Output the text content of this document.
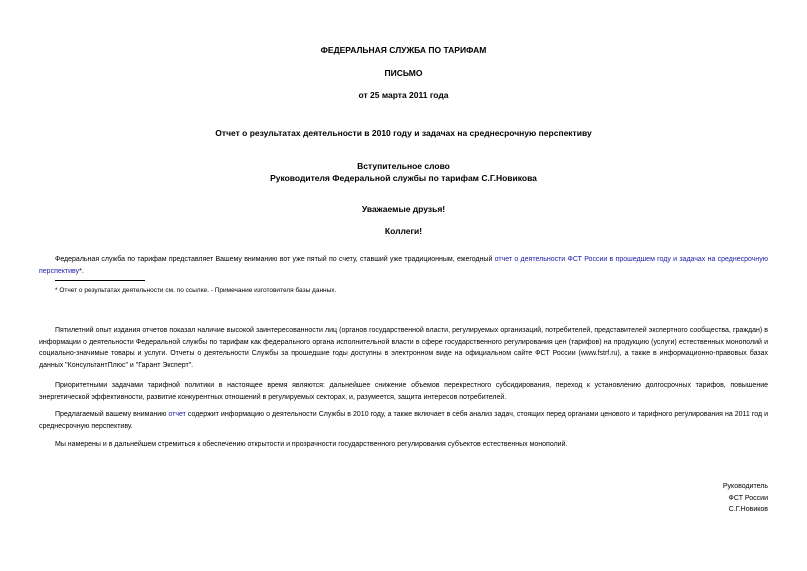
ФЕДЕРАЛЬНАЯ СЛУЖБА ПО ТАРИФАМ
ПИСЬМО
от 25 марта 2011 года
Отчет о результатах деятельности в 2010 году и задачах на среднесрочную перспективу
Вступительное слово
Руководителя Федеральной службы по тарифам С.Г.Новикова
Уважаемые друзья!
Коллеги!
Федеральная служба по тарифам представляет Вашему вниманию вот уже пятый по счету, ставший уже традиционным, ежегодный отчет о деятельности ФСТ России в прошедшем году и задачах на среднесрочную перспективу*.
* Отчет о результатах деятельности см. по ссылке. - Примечание изготовителя базы данных.
Пятилетний опыт издания отчетов показал наличие высокой заинтересованности лиц (органов государственной власти, регулируемых организаций, потребителей, представителей экспертного сообщества, граждан) в информации о деятельности Федеральной службы по тарифам как федерального органа исполнительной власти в сфере государственного регулирования цен (тарифов) на продукцию (услуги) естественных монополий и социально-значимые товары и услуги. Отчеты о деятельности Службы за прошедшие годы доступны в электронном виде на официальном сайте ФСТ России (www.fstrf.ru), а также в информационно-правовых базах данных "КонсультантПлюс" и "Гарант Эксперт".
Приоритетными задачами тарифной политики в настоящее время являются: дальнейшее снижение объемов перекрестного субсидирования, переход к установлению долгосрочных тарифов, повышение энергетической эффективности, развитие конкурентных отношений в регулируемых секторах, и, разумеется, защита интересов потребителей.
Предлагаемый вашему вниманию отчет содержит информацию о деятельности Службы в 2010 году, а также включает в себя анализ задач, стоящих перед органами ценового и тарифного регулирования на 2011 год и среднесрочную перспективу.
Мы намерены и в дальнейшем стремиться к обеспечению открытости и прозрачности государственного регулирования субъектов естественных монополий.
Руководитель
ФСТ России
С.Г.Новиков
